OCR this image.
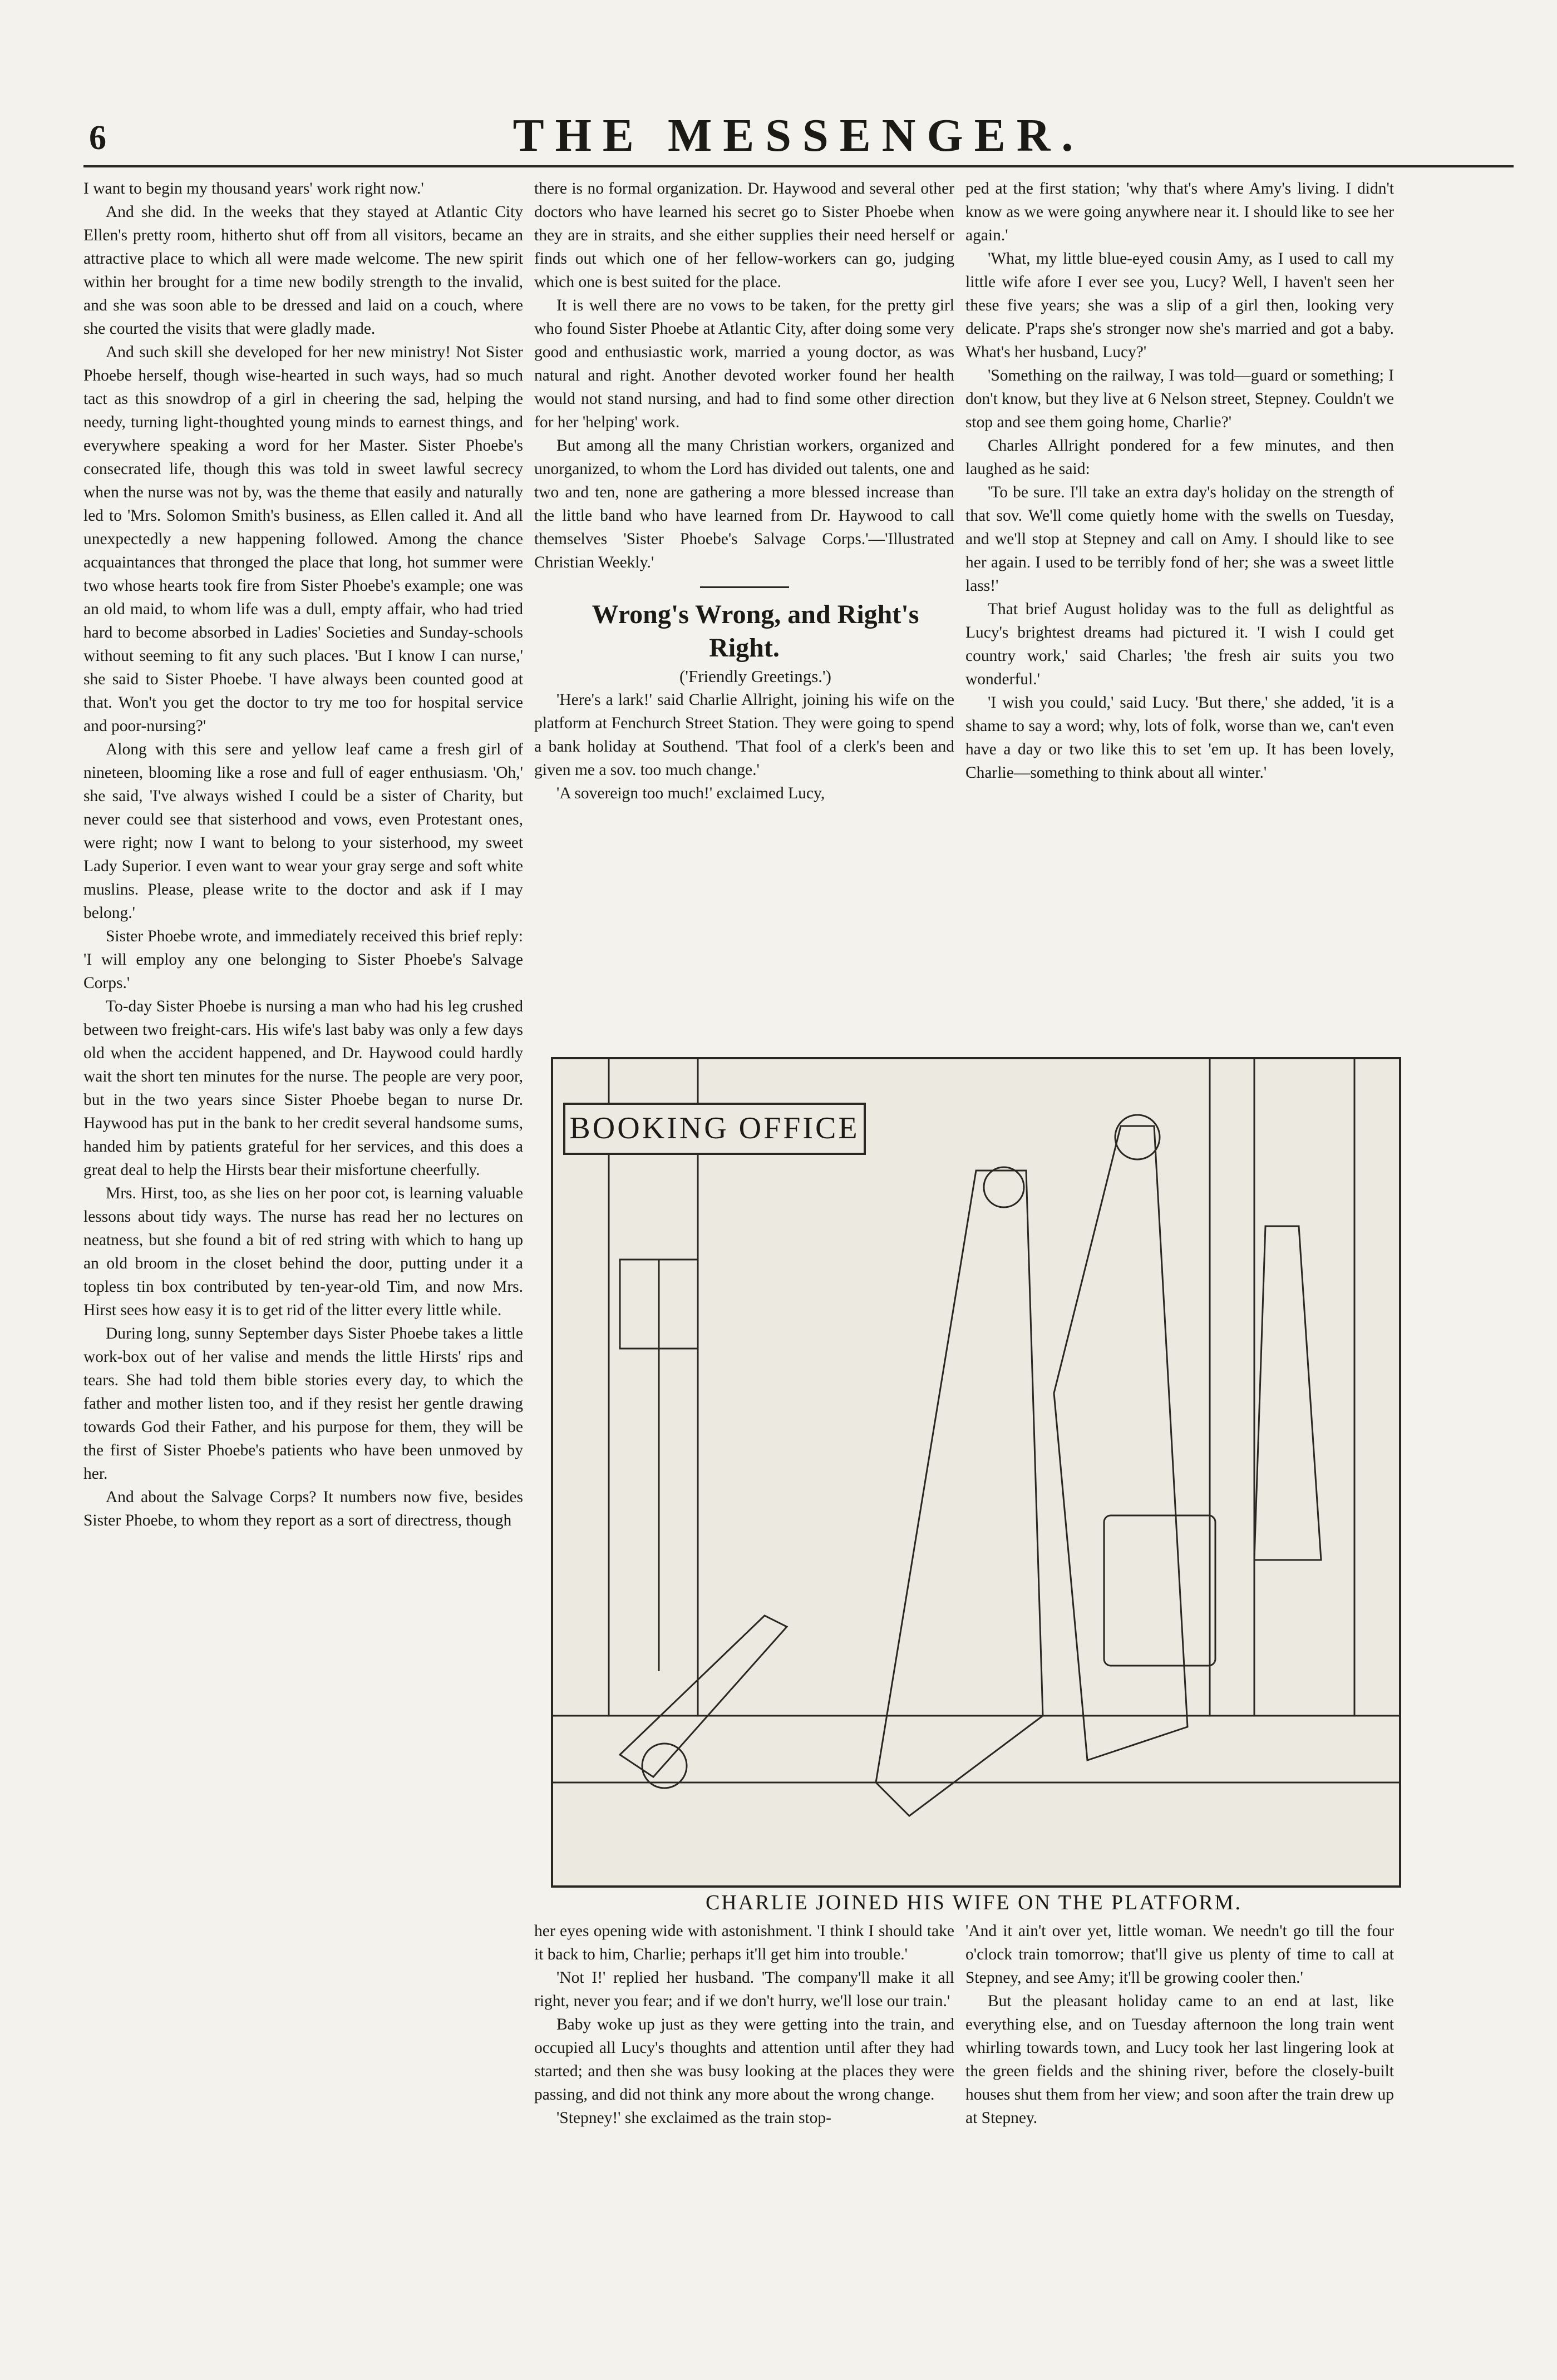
6	THE MESSENGER.

I want to begin my thousand years' work right now.'

And she did. In the weeks that they stayed at Atlantic City Ellen's pretty room, hitherto shut off from all visitors, became an attractive place to which all were made welcome. The new spirit within her brought for a time new bodily strength to the invalid, and she was soon able to be dressed and laid on a couch, where she courted the visits that were gladly made.

And such skill she developed for her new ministry! Not Sister Phoebe herself, though wise-hearted in such ways, had so much tact as this snowdrop of a girl in cheering the sad, helping the needy, turning light-thoughted young minds to earnest things, and everywhere speaking a word for her Master. Sister Phoebe's consecrated life, though this was told in sweet lawful secrecy when the nurse was not by, was the theme that easily and naturally led to 'Mrs. Solomon Smith's business, as Ellen called it. And all unexpectedly a new happening followed. Among the chance acquaintances that thronged the place that long, hot summer were two whose hearts took fire from Sister Phoebe's example; one was an old maid, to whom life was a dull, empty affair, who had tried hard to become absorbed in Ladies' Societies and Sunday-schools without seeming to fit any such places. 'But I know I can nurse,' she said to Sister Phoebe. 'I have always been counted good at that. Won't you get the doctor to try me too for hospital service and poor-nursing?'

Along with this sere and yellow leaf came a fresh girl of nineteen, blooming like a rose and full of eager enthusiasm. 'Oh,' she said, 'I've always wished I could be a sister of Charity, but never could see that sisterhood and vows, even Protestant ones, were right; now I want to belong to your sisterhood, my sweet Lady Superior. I even want to wear your gray serge and soft white muslins. Please, please write to the doctor and ask if I may belong.'

Sister Phoebe wrote, and immediately received this brief reply: 'I will employ any one belonging to Sister Phoebe's Salvage Corps.'

To-day Sister Phoebe is nursing a man who had his leg crushed between two freight-cars. His wife's last baby was only a few days old when the accident happened, and Dr. Haywood could hardly wait the short ten minutes for the nurse. The people are very poor, but in the two years since Sister Phoebe began to nurse Dr. Haywood has put in the bank to her credit several handsome sums, handed him by patients grateful for her services, and this does a great deal to help the Hirsts bear their misfortune cheerfully.

Mrs. Hirst, too, as she lies on her poor cot, is learning valuable lessons about tidy ways. The nurse has read her no lectures on neatness, but she found a bit of red string with which to hang up an old broom in the closet behind the door, putting under it a topless tin box contributed by ten-year-old Tim, and now Mrs. Hirst sees how easy it is to get rid of the litter every little while.

During long, sunny September days Sister Phoebe takes a little work-box out of her valise and mends the little Hirsts' rips and tears. She had told them bible stories every day, to which the father and mother listen too, and if they resist her gentle drawing towards God their Father, and his purpose for them, they will be the first of Sister Phoebe's patients who have been unmoved by her.

And about the Salvage Corps? It numbers now five, besides Sister Phoebe, to whom they report as a sort of directress, though

there is no formal organization. Dr. Haywood and several other doctors who have learned his secret go to Sister Phoebe when they are in straits, and she either supplies their need herself or finds out which one of her fellow-workers can go, judging which one is best suited for the place.

It is well there are no vows to be taken, for the pretty girl who found Sister Phoebe at Atlantic City, after doing some very good and enthusiastic work, married a young doctor, as was natural and right. Another devoted worker found her health would not stand nursing, and had to find some other direction for her 'helping' work.

But among all the many Christian workers, organized and unorganized, to whom the Lord has divided out talents, one and two and ten, none are gathering a more blessed increase than the little band who have learned from Dr. Haywood to call themselves 'Sister Phoebe's Salvage Corps.'—'Illustrated Christian Weekly.'

Wrong's Wrong, and Right's Right.

('Friendly Greetings.')

'Here's a lark!' said Charlie Allright, joining his wife on the platform at Fenchurch Street Station. They were going to spend a bank holiday at Southend. 'That fool of a clerk's been and given me a sov. too much change.'

'A sovereign too much!' exclaimed Lucy,

ped at the first station; 'why that's where Amy's living. I didn't know as we were going anywhere near it. I should like to see her again.'

'What, my little blue-eyed cousin Amy, as I used to call my little wife afore I ever see you, Lucy? Well, I haven't seen her these five years; she was a slip of a girl then, looking very delicate. P'raps she's stronger now she's married and got a baby. What's her husband, Lucy?'

'Something on the railway, I was told—guard or something; I don't know, but they live at 6 Nelson street, Stepney. Couldn't we stop and see them going home, Charlie?'

Charles Allright pondered for a few minutes, and then laughed as he said:

'To be sure. I'll take an extra day's holiday on the strength of that sov. We'll come quietly home with the swells on Tuesday, and we'll stop at Stepney and call on Amy. I should like to see her again. I used to be terribly fond of her; she was a sweet little lass!'

That brief August holiday was to the full as delightful as Lucy's brightest dreams had pictured it. 'I wish I could get country work,' said Charles; 'the fresh air suits you two wonderful.'

'I wish you could,' said Lucy. 'But there,' she added, 'it is a shame to say a word; why, lots of folk, worse than we, can't even have a day or two like this to set 'em up. It has been lovely, Charlie—something to think about all winter.'

BOOKING OFFICE
CHARLIE JOINED HIS WIFE ON THE PLATFORM.

her eyes opening wide with astonishment. 'I think I should take it back to him, Charlie; perhaps it'll get him into trouble.'

'Not I!' replied her husband. 'The company'll make it all right, never you fear; and if we don't hurry, we'll lose our train.'

Baby woke up just as they were getting into the train, and occupied all Lucy's thoughts and attention until after they had started; and then she was busy looking at the places they were passing, and did not think any more about the wrong change.

'Stepney!' she exclaimed as the train stop-

'And it ain't over yet, little woman. We needn't go till the four o'clock train tomorrow; that'll give us plenty of time to call at Stepney, and see Amy; it'll be growing cooler then.'

But the pleasant holiday came to an end at last, like everything else, and on Tuesday afternoon the long train went whirling towards town, and Lucy took her last lingering look at the green fields and the shining river, before the closely-built houses shut them from her view; and soon after the train drew up at Stepney.
